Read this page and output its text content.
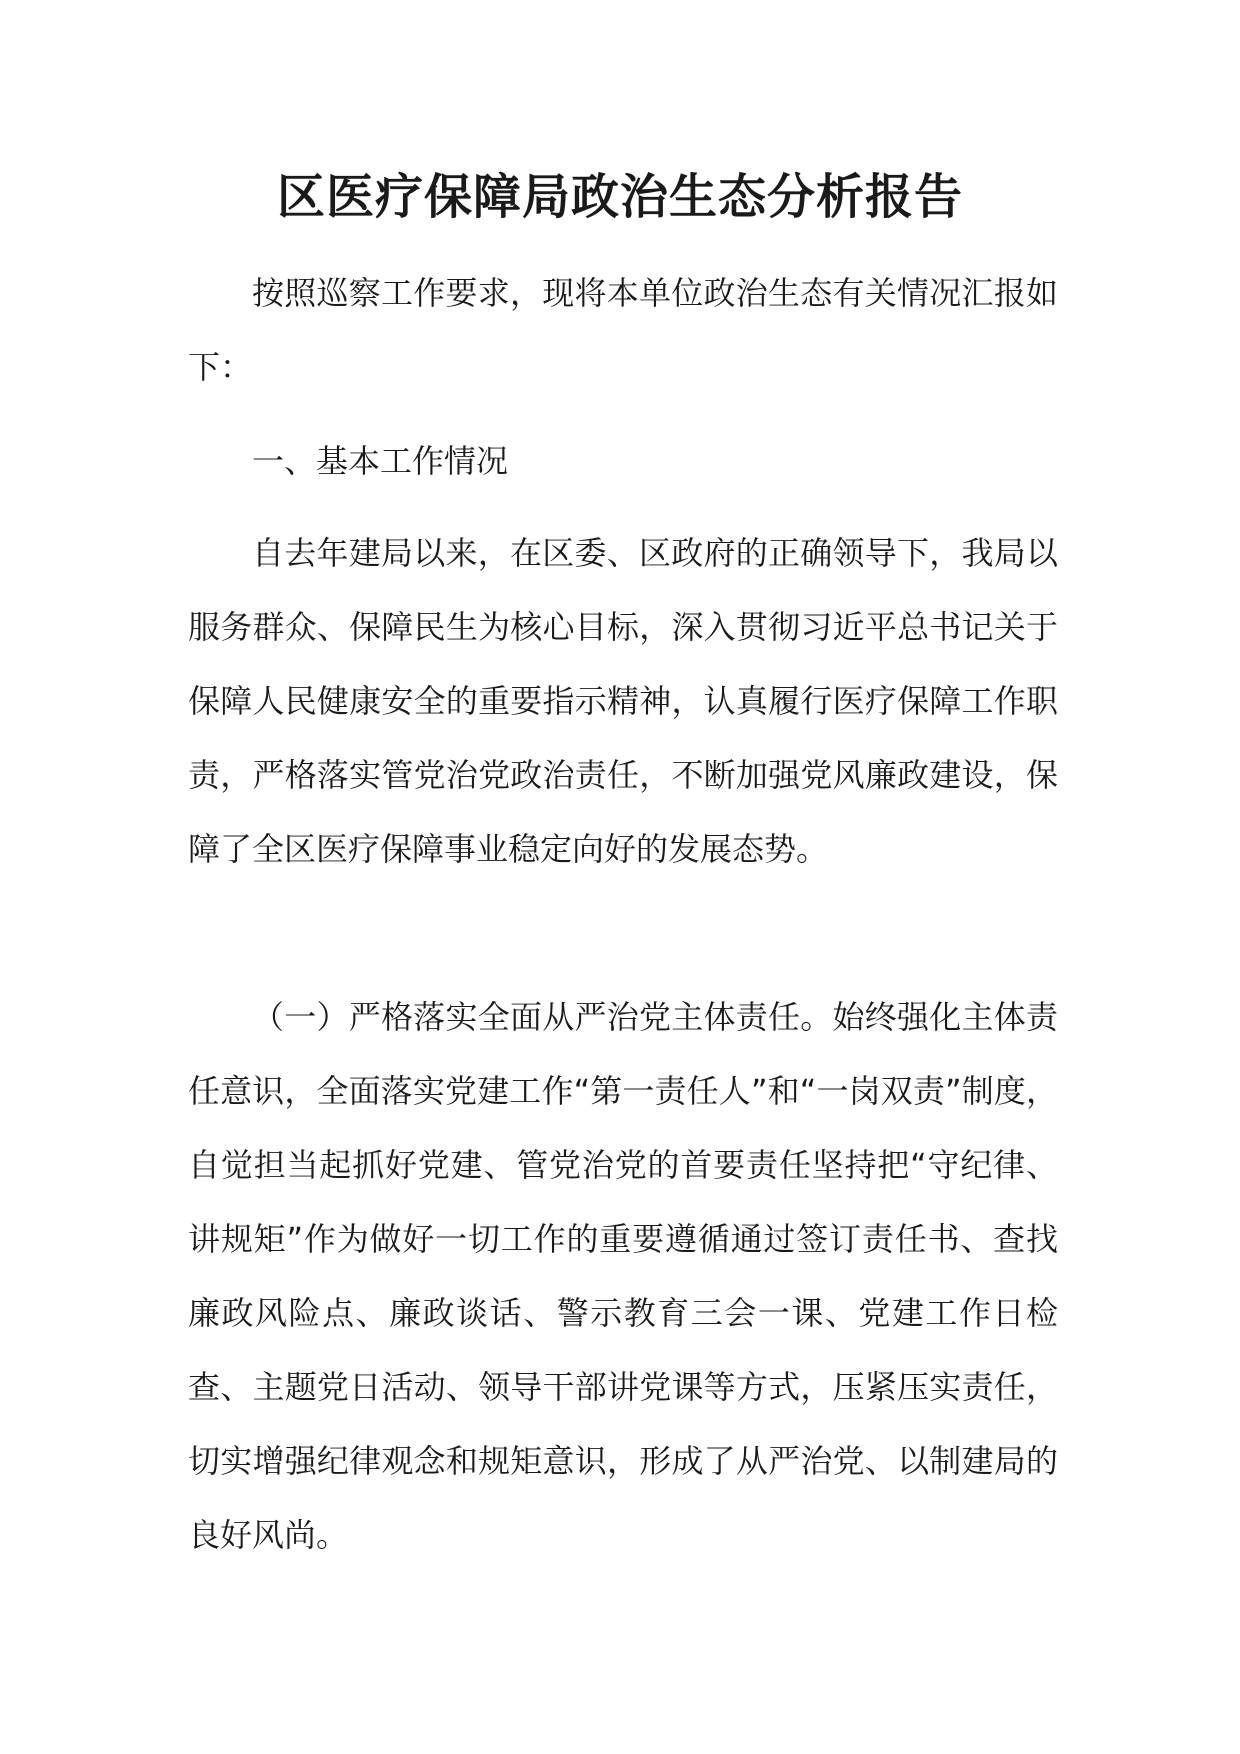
区医疗保障局政治生态分析报告

按照巡察工作要求，现将本单位政治生态有关情况汇报如下：

一、基本工作情况

自去年建局以来，在区委、区政府的正确领导下，我局以服务群众、保障民生为核心目标，深入贯彻习近平总书记关于保障人民健康安全的重要指示精神，认真履行医疗保障工作职责，严格落实管党治党政治责任，不断加强党风廉政建设，保障了全区医疗保障事业稳定向好的发展态势。

（一）严格落实全面从严治党主体责任。始终强化主体责任意识，全面落实党建工作“第一责任人”和“一岗双责”制度，自觉担当起抓好党建、管党治党的首要责任坚持把“守纪律、讲规矩”作为做好一切工作的重要遵循通过签订责任书、查找廉政风险点、廉政谈话、警示教育三会一课、党建工作日检查、主题党日活动、领导干部讲党课等方式，压紧压实责任，切实增强纪律观念和规矩意识，形成了从严治党、以制建局的良好风尚。
